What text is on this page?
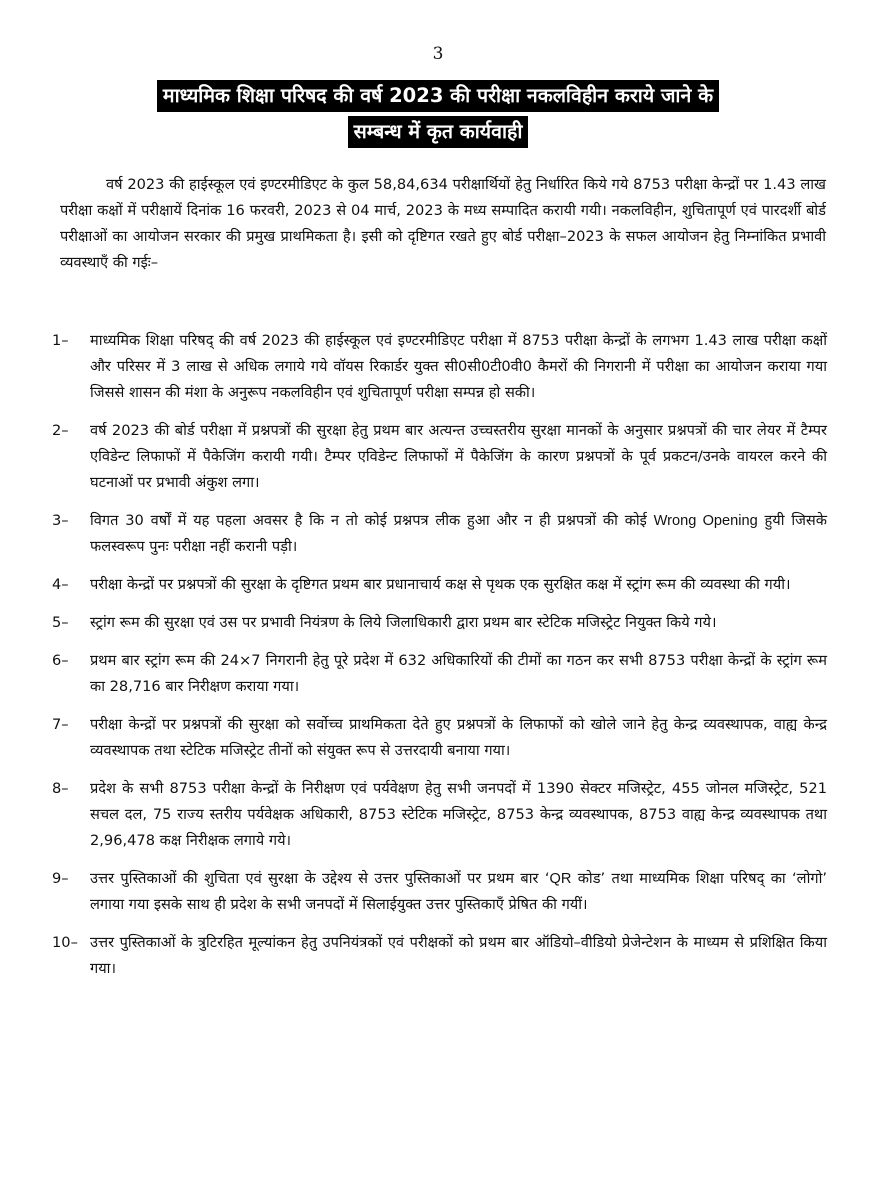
3
माध्यमिक शिक्षा परिषद की वर्ष 2023 की परीक्षा नकलविहीन कराये जाने के
सम्बन्ध में कृत कार्यवाही

वर्ष 2023 की हाईस्कूल एवं इण्टरमीडिएट के कुल 58,84,634 परीक्षार्थियों हेतु निर्धारित किये गये 8753 परीक्षा केन्द्रों पर 1.43 लाख परीक्षा कक्षों में परीक्षायें दिनांक 16 फरवरी, 2023 से 04 मार्च, 2023 के मध्य सम्पादित करायी गयी। नकलविहीन, शुचितापूर्ण एवं पारदर्शी बोर्ड परीक्षाओं का आयोजन सरकार की प्रमुख प्राथमिकता है। इसी को दृष्टिगत रखते हुए बोर्ड परीक्षा–2023 के सफल आयोजन हेतु निम्नांकित प्रभावी व्यवस्थाएँ की गईः–

1– माध्यमिक शिक्षा परिषद् की वर्ष 2023 की हाईस्कूल एवं इण्टरमीडिएट परीक्षा में 8753 परीक्षा केन्द्रों के लगभग 1.43 लाख परीक्षा कक्षों और परिसर में 3 लाख से अधिक लगाये गये वॉयस रिकार्डर युक्त सी0सी0टी0वी0 कैमरों की निगरानी में परीक्षा का आयोजन कराया गया जिससे शासन की मंशा के अनुरूप नकलविहीन एवं शुचितापूर्ण परीक्षा सम्पन्न हो सकी।
2– वर्ष 2023 की बोर्ड परीक्षा में प्रश्नपत्रों की सुरक्षा हेतु प्रथम बार अत्यन्त उच्चस्तरीय सुरक्षा मानकों के अनुसार प्रश्नपत्रों की चार लेयर में टैम्पर एविडेन्ट लिफाफों में पैकेजिंग करायी गयी। टैम्पर एविडेन्ट लिफाफों में पैकेजिंग के कारण प्रश्नपत्रों के पूर्व प्रकटन/उनके वायरल करने की घटनाओं पर प्रभावी अंकुश लगा।
3– विगत 30 वर्षों में यह पहला अवसर है कि न तो कोई प्रश्नपत्र लीक हुआ और न ही प्रश्नपत्रों की कोई Wrong Opening हुयी जिसके फलस्वरूप पुनः परीक्षा नहीं करानी पड़ी।
4– परीक्षा केन्द्रों पर प्रश्नपत्रों की सुरक्षा के दृष्टिगत प्रथम बार प्रधानाचार्य कक्ष से पृथक एक सुरक्षित कक्ष में स्ट्रांग रूम की व्यवस्था की गयी।
5– स्ट्रांग रूम की सुरक्षा एवं उस पर प्रभावी नियंत्रण के लिये जिलाधिकारी द्वारा प्रथम बार स्टेटिक मजिस्ट्रेट नियुक्त किये गये।
6– प्रथम बार स्ट्रांग रूम की 24×7 निगरानी हेतु पूरे प्रदेश में 632 अधिकारियों की टीमों का गठन कर सभी 8753 परीक्षा केन्द्रों के स्ट्रांग रूम का 28,716 बार निरीक्षण कराया गया।
7– परीक्षा केन्द्रों पर प्रश्नपत्रों की सुरक्षा को सर्वोच्च प्राथमिकता देते हुए प्रश्नपत्रों के लिफाफों को खोले जाने हेतु केन्द्र व्यवस्थापक, वाह्य केन्द्र व्यवस्थापक तथा स्टेटिक मजिस्ट्रेट तीनों को संयुक्त रूप से उत्तरदायी बनाया गया।
8– प्रदेश के सभी 8753 परीक्षा केन्द्रों के निरीक्षण एवं पर्यवेक्षण हेतु सभी जनपदों में 1390 सेक्टर मजिस्ट्रेट, 455 जोनल मजिस्ट्रेट, 521 सचल दल, 75 राज्य स्तरीय पर्यवेक्षक अधिकारी, 8753 स्टेटिक मजिस्ट्रेट, 8753 केन्द्र व्यवस्थापक, 8753 वाह्य केन्द्र व्यवस्थापक तथा 2,96,478 कक्ष निरीक्षक लगाये गये।
9– उत्तर पुस्तिकाओं की शुचिता एवं सुरक्षा के उद्देश्य से उत्तर पुस्तिकाओं पर प्रथम बार ‘QR कोड’ तथा माध्यमिक शिक्षा परिषद् का ‘लोगो’ लगाया गया इसके साथ ही प्रदेश के सभी जनपदों में सिलाईयुक्त उत्तर पुस्तिकाएँ प्रेषित की गयीं।
10– उत्तर पुस्तिकाओं के त्रुटिरहित मूल्यांकन हेतु उपनियंत्रकों एवं परीक्षकों को प्रथम बार ऑडियो–वीडियो प्रेजेन्टेशन के माध्यम से प्रशिक्षित किया गया।
